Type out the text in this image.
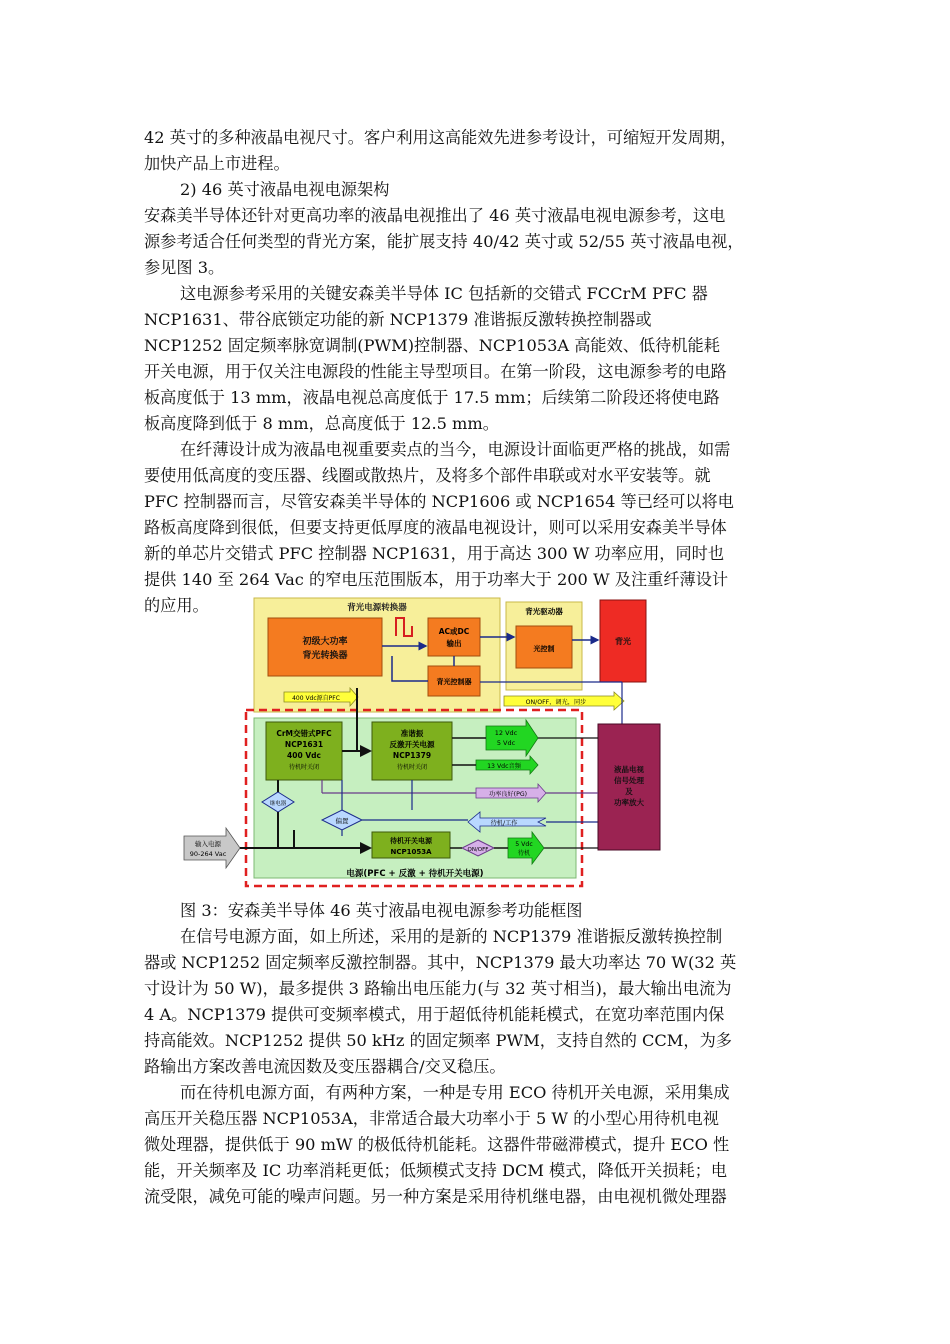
42 英寸的多种液晶电视尺寸。客户利用这高能效先进参考设计，可缩短开发周期，
加快产品上市进程。

2) 46 英寸液晶电视电源架构

安森美半导体还针对更高功率的液晶电视推出了 46 英寸液晶电视电源参考，这电
源参考适合任何类型的背光方案，能扩展支持 40/42 英寸或 52/55 英寸液晶电视，
参见图 3。

这电源参考采用的关键安森美半导体 IC 包括新的交错式 FCCrM PFC 器
NCP1631、带谷底锁定功能的新 NCP1379 准谐振反激转换控制器或
NCP1252 固定频率脉宽调制(PWM)控制器、NCP1053A 高能效、低待机能耗
开关电源，用于仅关注电源段的性能主导型项目。在第一阶段，这电源参考的电路
板高度低于 13 mm，液晶电视总高度低于 17.5 mm；后续第二阶段还将使电路
板高度降到低于 8 mm，总高度低于 12.5 mm。

在纤薄设计成为液晶电视重要卖点的当今，电源设计面临更严格的挑战，如需
要使用低高度的变压器、线圈或散热片，及将多个部件串联或对水平安装等。就
PFC 控制器而言，尽管安森美半导体的 NCP1606 或 NCP1654 等已经可以将电
路板高度降到很低，但要支持更低厚度的液晶电视设计，则可以采用安森美半导体
新的单芯片交错式 PFC 控制器 NCP1631，用于高达 300 W 功率应用，同时也
提供 140 至 264 Vac 的窄电压范围版本，用于功率大于 200 W 及注重纤薄设计
的应用。	背光电源转换器
初级大功率
背光转换器
AC或DC
输出
背光控制器
400 Vdc源自PFC
背光驱动器
光控制
背光
ON/OFF，调光，同步
电源(PFC + 反激 + 待机开关电源)
CrM交错式PFC
NCP1631
400 Vdc
待机时关闭
准谐振
反激开关电源
NCP1379
待机时关闭
12 Vdc
5 Vdc
13 Vdc音频
功率良好(PG)
待机/工作
继电器
偏置
待机开关电源
NCP1053A	ON/OFF
5 Vdc
待机
输入电源
90-264 Vac
液晶电视
信号处理
及
功率放大
图 3：安森美半导体 46 英寸液晶电视电源参考功能框图

在信号电源方面，如上所述，采用的是新的 NCP1379 准谐振反激转换控制
器或 NCP1252 固定频率反激控制器。其中，NCP1379 最大功率达 70 W(32 英
寸设计为 50 W)，最多提供 3 路输出电压能力(与 32 英寸相当)，最大输出电流为
4 A。NCP1379 提供可变频率模式，用于超低待机能耗模式，在宽功率范围内保
持高能效。NCP1252 提供 50 kHz 的固定频率 PWM，支持自然的 CCM，为多
路输出方案改善电流因数及变压器耦合/交叉稳压。

而在待机电源方面，有两种方案，一种是专用 ECO 待机开关电源，采用集成
高压开关稳压器 NCP1053A，非常适合最大功率小于 5 W 的小型心用待机电视
微处理器，提供低于 90 mW 的极低待机能耗。这器件带磁滞模式，提升 ECO 性
能，开关频率及 IC 功率消耗更低；低频模式支持 DCM 模式，降低开关损耗；电
流受限，减免可能的噪声问题。另一种方案是采用待机继电器，由电视机微处理器
